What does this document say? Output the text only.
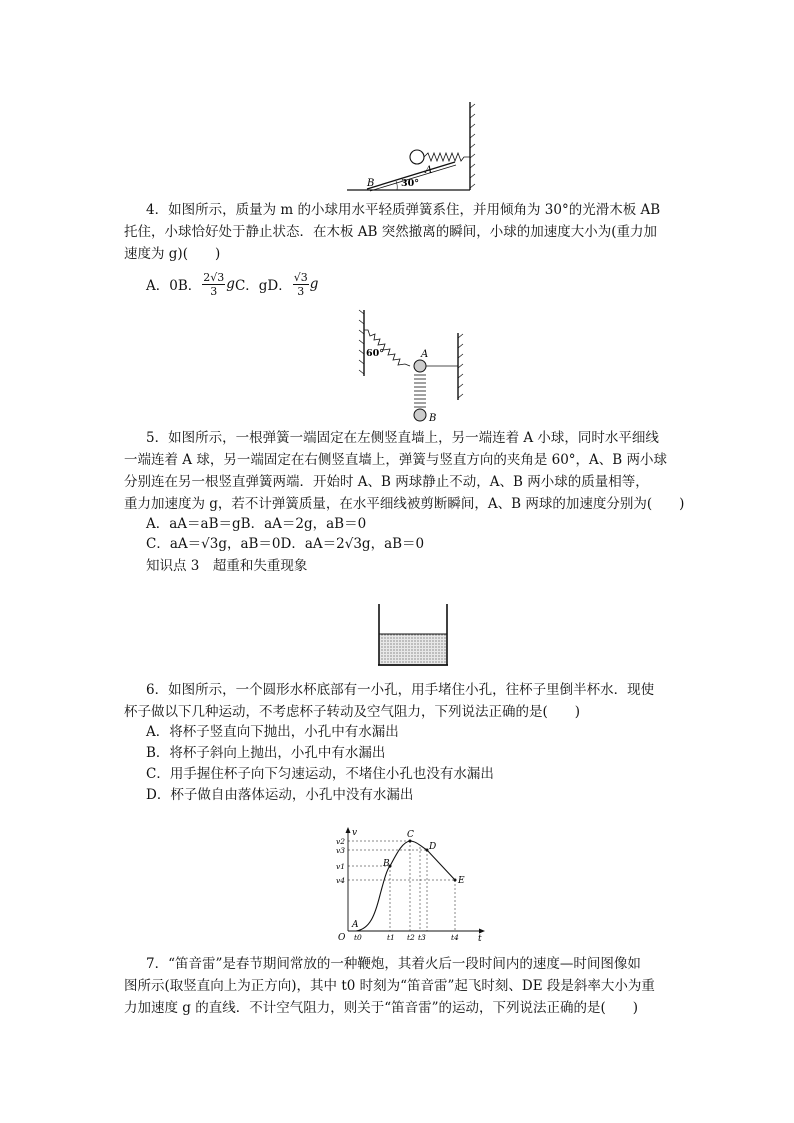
A
B	30°
4．如图所示，质量为 m 的小球用水平轻质弹簧系住，并用倾角为 30°的光滑木板 AB
托住，小球恰好处于静止状态．在木板 AB 突然撤离的瞬间，小球的加速度大小为(重力加
速度为 g)(　　)
A．0B．
2√3
3 g C．gD．
√3
3 g
60°	A
B
5．如图所示，一根弹簧一端固定在左侧竖直墙上，另一端连着 A 小球，同时水平细线
一端连着 A 球，另一端固定在右侧竖直墙上，弹簧与竖直方向的夹角是 60°，A、B 两小球
分别连在另一根竖直弹簧两端．开始时 A、B 两球静止不动，A、B 两小球的质量相等，
重力加速度为 g，若不计弹簧质量，在水平细线被剪断瞬间，A、B 两球的加速度分别为(　　)
A．aA＝aB＝gB．aA＝2g，aB＝0
C．aA＝√3g，aB＝0D．aA＝2√3g，aB＝0
知识点 3　超重和失重现象
6．如图所示，一个圆形水杯底部有一小孔，用手堵住小孔，往杯子里倒半杯水．现使
杯子做以下几种运动，不考虑杯子转动及空气阻力，下列说法正确的是(　　)
A．将杯子竖直向下抛出，小孔中有水漏出
B．将杯子斜向上抛出，小孔中有水漏出
C．用手握住杯子向下匀速运动，不堵住小孔也没有水漏出
D．杯子做自由落体运动，小孔中没有水漏出
v
t
O
v2
v3
v1
v4
t0	t1 t2 t3	t4
A
B
C
D
E
7．“笛音雷”是春节期间常放的一种鞭炮，其着火后一段时间内的速度—时间图像如
图所示(取竖直向上为正方向)，其中 t0 时刻为“笛音雷”起飞时刻、DE 段是斜率大小为重
力加速度 g 的直线．不计空气阻力，则关于“笛音雷”的运动，下列说法正确的是(　　)
